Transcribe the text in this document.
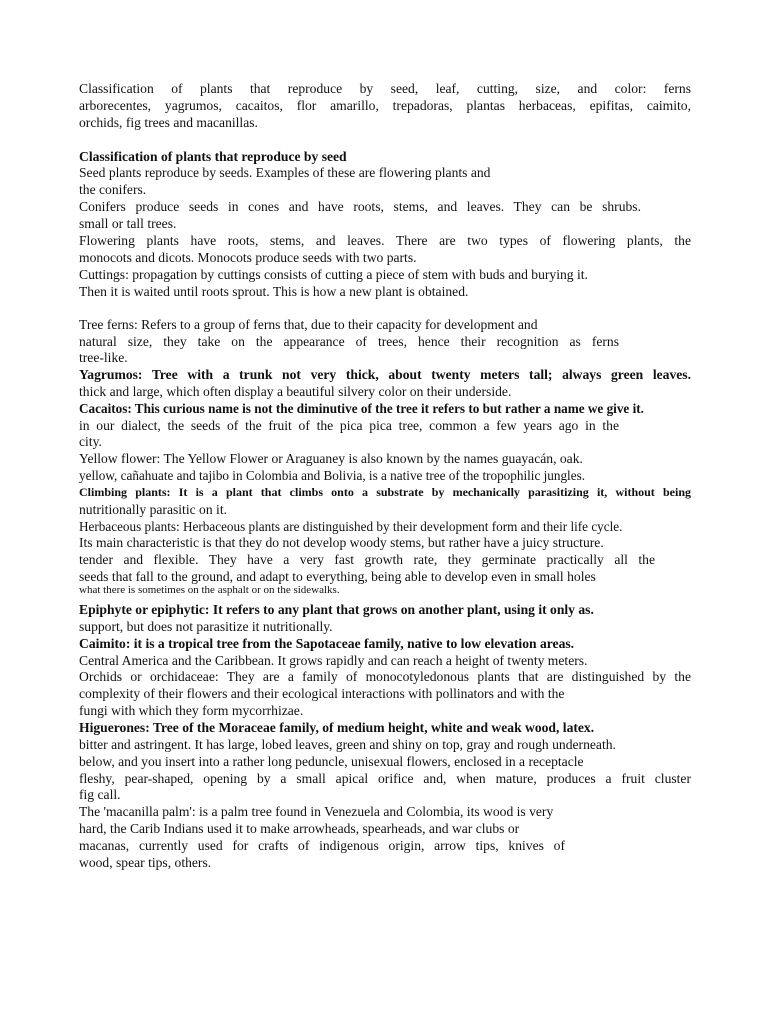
Classification of plants that reproduce by seed, leaf, cutting, size, and color: ferns
arborecentes, yagrumos, cacaitos, flor amarillo, trepadoras, plantas herbaceas, epifitas, caimito,
orchids, fig trees and macanillas.
Classification of plants that reproduce by seed
Seed plants reproduce by seeds. Examples of these are flowering plants and
the conifers.
Conifers produce seeds in cones and have roots, stems, and leaves. They can be shrubs.
small or tall trees.
Flowering plants have roots, stems, and leaves. There are two types of flowering plants, the
monocots and dicots. Monocots produce seeds with two parts.
Cuttings: propagation by cuttings consists of cutting a piece of stem with buds and burying it.
Then it is waited until roots sprout. This is how a new plant is obtained.
Tree ferns: Refers to a group of ferns that, due to their capacity for development and
natural size, they take on the appearance of trees, hence their recognition as ferns
tree-like.
Yagrumos: Tree with a trunk not very thick, about twenty meters tall; always green leaves.
thick and large, which often display a beautiful silvery color on their underside.
Cacaitos: This curious name is not the diminutive of the tree it refers to but rather a name we give it.
in our dialect, the seeds of the fruit of the pica pica tree, common a few years ago in the
city.
Yellow flower: The Yellow Flower or Araguaney is also known by the names guayacán, oak.
yellow, cañahuate and tajibo in Colombia and Bolivia, is a native tree of the tropophilic jungles.
Climbing plants: It is a plant that climbs onto a substrate by mechanically parasitizing it, without being
nutritionally parasitic on it.
Herbaceous plants: Herbaceous plants are distinguished by their development form and their life cycle.
Its main characteristic is that they do not develop woody stems, but rather have a juicy structure.
tender and flexible. They have a very fast growth rate, they germinate practically all the
seeds that fall to the ground, and adapt to everything, being able to develop even in small holes
what there is sometimes on the asphalt or on the sidewalks.
Epiphyte or epiphytic: It refers to any plant that grows on another plant, using it only as.
support, but does not parasitize it nutritionally.
Caimito: it is a tropical tree from the Sapotaceae family, native to low elevation areas.
Central America and the Caribbean. It grows rapidly and can reach a height of twenty meters.
Orchids or orchidaceae: They are a family of monocotyledonous plants that are distinguished by the
complexity of their flowers and their ecological interactions with pollinators and with the
fungi with which they form mycorrhizae.
Higuerones: Tree of the Moraceae family, of medium height, white and weak wood, latex.
bitter and astringent. It has large, lobed leaves, green and shiny on top, gray and rough underneath.
below, and you insert into a rather long peduncle, unisexual flowers, enclosed in a receptacle
fleshy, pear-shaped, opening by a small apical orifice and, when mature, produces a fruit cluster
fig call.
The 'macanilla palm': is a palm tree found in Venezuela and Colombia, its wood is very
hard, the Carib Indians used it to make arrowheads, spearheads, and war clubs or
macanas, currently used for crafts of indigenous origin, arrow tips, knives of
wood, spear tips, others.
